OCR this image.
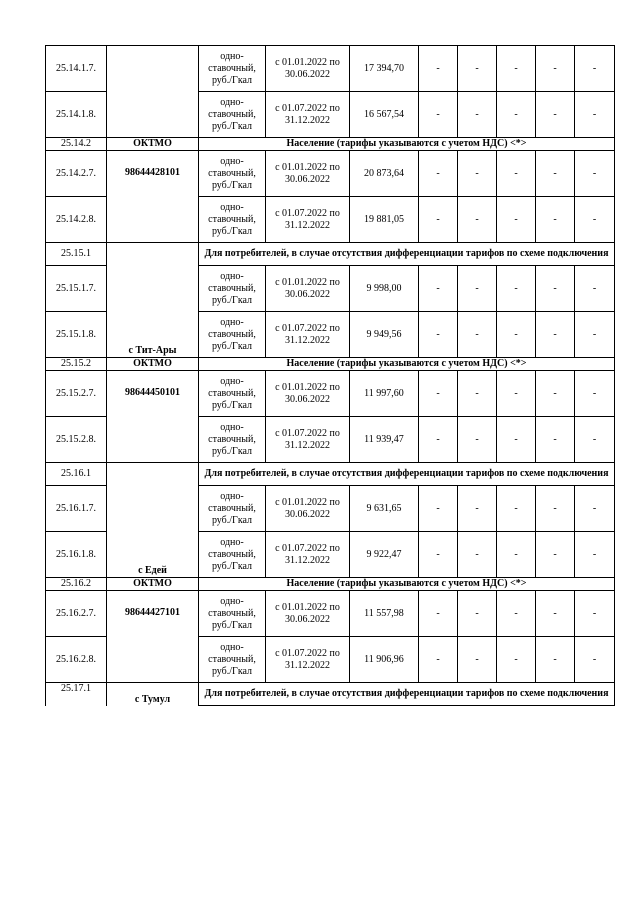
25.14.1.7.		одно-ставочный, руб./Гкал	с 01.01.2022 по 30.06.2022	17 394,70	-	-	-	-	-
25.14.1.8.		одно-ставочный, руб./Гкал	с 01.07.2022 по 31.12.2022	16 567,54	-	-	-	-	-
25.14.2	ОКТМО	Население (тарифы указываются с учетом НДС) <*>							
25.14.2.7.	98644428101	одно-ставочный, руб./Гкал	с 01.01.2022 по 30.06.2022	20 873,64	-	-	-	-	-
25.14.2.8.		одно-ставочный, руб./Гкал	с 01.07.2022 по 31.12.2022	19 881,05	-	-	-	-	-
25.15.1	с Тит-Ары	Для потребителей, в случае отсутствия дифференциации тарифов по схеме подключения							
25.15.1.7.		одно-ставочный, руб./Гкал	с 01.01.2022 по 30.06.2022	9 998,00	-	-	-	-	-
25.15.1.8.		одно-ставочный, руб./Гкал	с 01.07.2022 по 31.12.2022	9 949,56	-	-	-	-	-
25.15.2	ОКТМО	Население (тарифы указываются с учетом НДС) <*>							
25.15.2.7.	98644450101	одно-ставочный, руб./Гкал	с 01.01.2022 по 30.06.2022	11 997,60	-	-	-	-	-
25.15.2.8.		одно-ставочный, руб./Гкал	с 01.07.2022 по 31.12.2022	11 939,47	-	-	-	-	-
25.16.1	с Едей	Для потребителей, в случае отсутствия дифференциации тарифов по схеме подключения							
25.16.1.7.		одно-ставочный, руб./Гкал	с 01.01.2022 по 30.06.2022	9 631,65	-	-	-	-	-
25.16.1.8.		одно-ставочный, руб./Гкал	с 01.07.2022 по 31.12.2022	9 922,47	-	-	-	-	-
25.16.2	ОКТМО	Население (тарифы указываются с учетом НДС) <*>							
25.16.2.7.	98644427101	одно-ставочный, руб./Гкал	с 01.01.2022 по 30.06.2022	11 557,98	-	-	-	-	-
25.16.2.8.		одно-ставочный, руб./Гкал	с 01.07.2022 по 31.12.2022	11 906,96	-	-	-	-	-
25.17.1	с Тумул	Для потребителей, в случае отсутствия дифференциации тарифов по схеме подключения							
